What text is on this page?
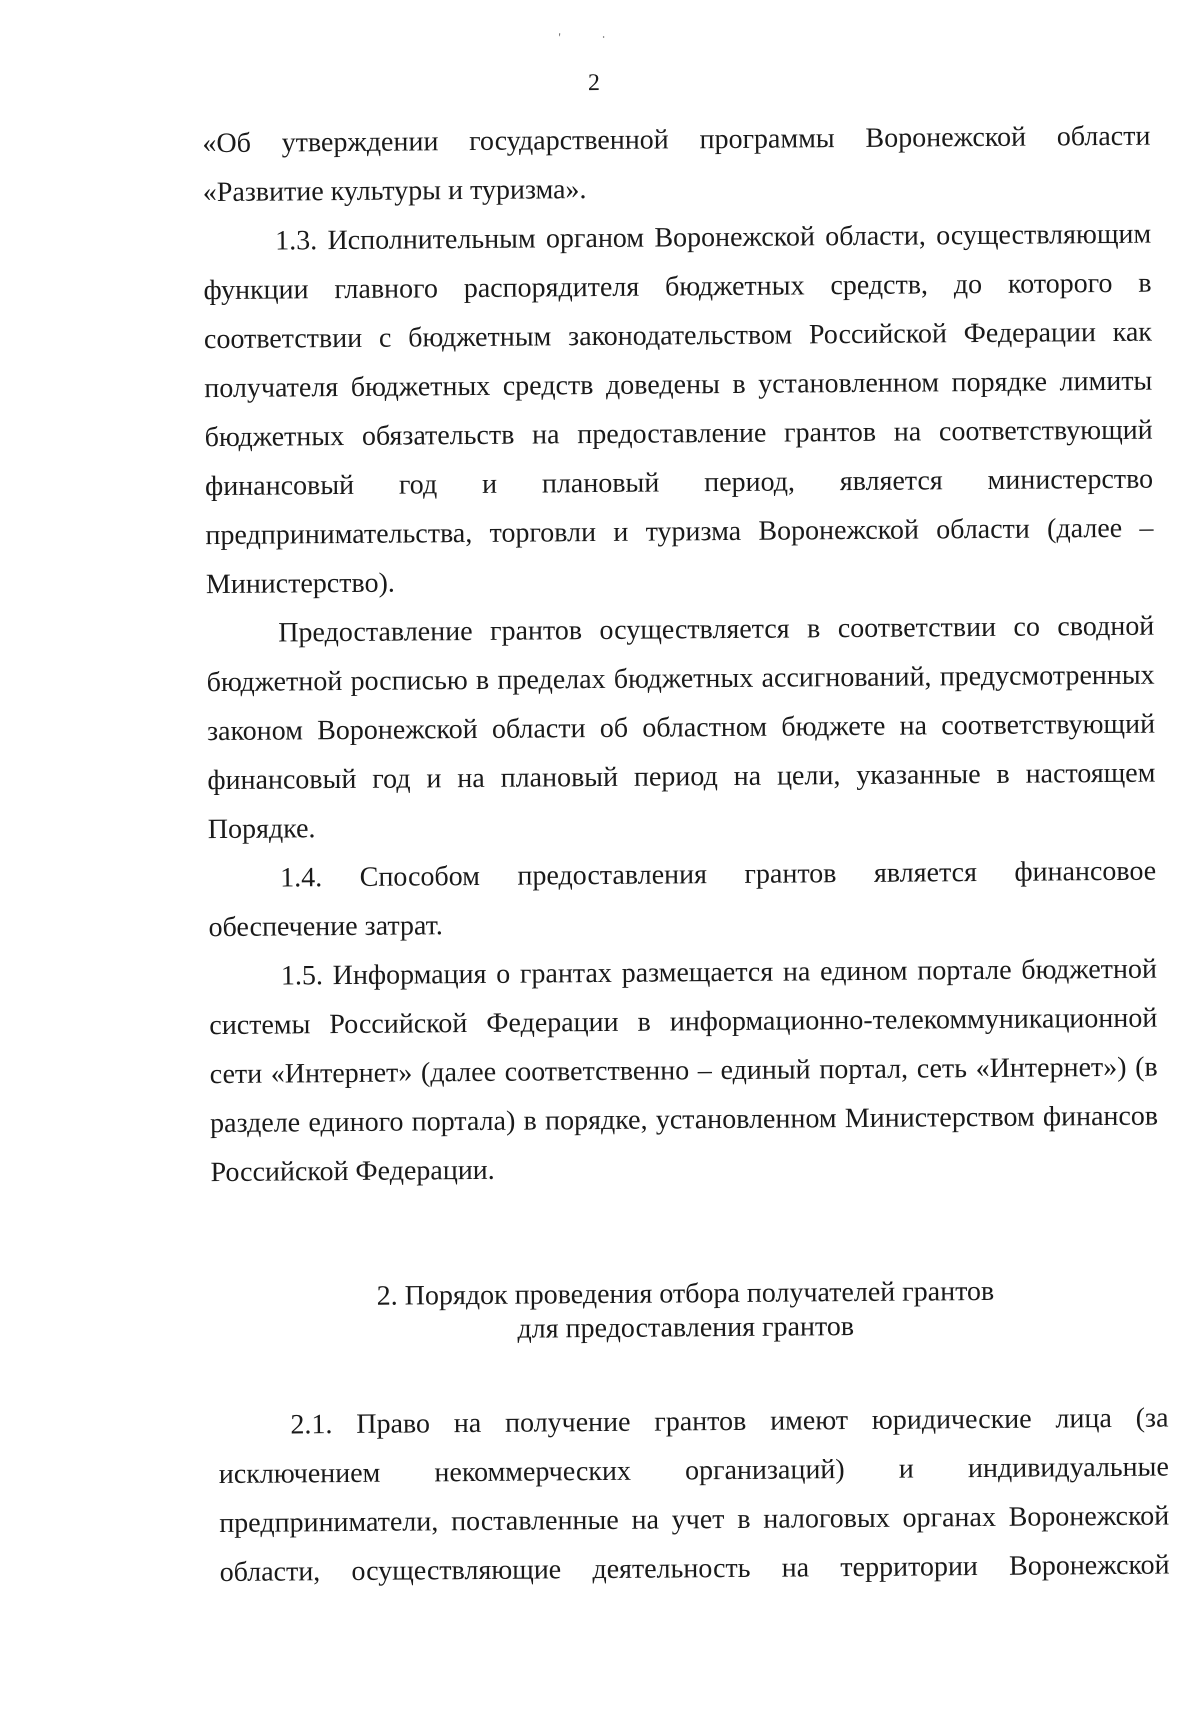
'	·
2

«Об утверждении государственной программы Воронежской области «Развитие культуры и туризма».

1.3. Исполнительным органом Воронежской области, осуществляющим функции главного распорядителя бюджетных средств, до которого в соответствии с бюджетным законодательством Российской Федерации как получателя бюджетных средств доведены в установленном порядке лимиты бюджетных обязательств на предоставление грантов на соответствующий финансовый год и плановый период, является министерство предпринимательства, торговли и туризма Воронежской области (далее – Министерство).

Предоставление грантов осуществляется в соответствии со сводной бюджетной росписью в пределах бюджетных ассигнований, предусмотренных законом Воронежской области об областном бюджете на соответствующий финансовый год и на плановый период на цели, указанные в настоящем Порядке.

1.4. Способом предоставления грантов является финансовое обеспечение затрат.

1.5. Информация о грантах размещается на едином портале бюджетной системы Российской Федерации в информационно-телекоммуникационной сети «Интернет» (далее соответственно – единый портал, сеть «Интернет») (в разделе единого портала) в порядке, установленном Министерством финансов Российской Федерации.

2. Порядок проведения отбора получателей грантов
для предоставления грантов

2.1. Право на получение грантов имеют юридические лица (за исключением некоммерческих организаций) и индивидуальные предприниматели, поставленные на учет в налоговых органах Воронежской области, осуществляющие деятельность на территории Воронежской
